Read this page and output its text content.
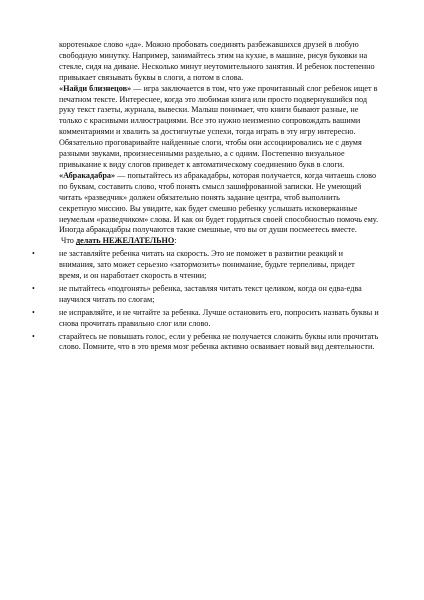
коротенькое слово «да». Можно пробовать соединять разбежавшихся друзей в любую свободную минутку. Например, занимайтесь этим на кухне, в машине, рисуя буковки на стекле, сидя на диване. Несколько минут неутомительного занятия. И ребенок постепенно привыкает связывать буквы в слоги, а потом в слова.

«Найди близнецов» — игра заключается в том, что уже прочитанный слог ребенок ищет в печатном тексте. Интереснее, когда это любимая книга или просто подвернувшийся под руку текст газеты, журнала, вывески. Малыш понимает, что книги бывают разные, не только с красивыми иллюстрациями. Все это нужно неизменно сопровождать вашими комментариями и хвалить за достигнутые успехи, тогда играть в эту игру интересно. Обязательно проговаривайте найденные слоги, чтобы они ассоциировались не с двумя разными звуками, произнесенными раздельно, а с одним. Постепенно визуальное привыкание к виду слогов приведет к автоматическому соединению букв в слоги. «Абракадабра» — попытайтесь из абракадабры, которая получается, когда читаешь слово по буквам, составить слово, чтоб понять смысл зашифрованной записки. Не умеющий читать «разведчик» должен обязательно понять задание центра, чтоб выполнить секретную миссию. Вы увидите, как будет смешно ребенку услышать исковерканные неумелым «разведчиком» слова. И как он будет гордиться своей способностью помочь ему. Иногда абракадабры получаются такие смешные, что вы от души посмеетесь вместе.

Что делать НЕЖЕЛАТЕЛЬНО:

•	не заставляйте ребенка читать на скорость. Это не поможет в развитии реакций и внимания, зато может серьезно «затормозить» понимание, будьте терпеливы, придет время, и он наработает скорость в чтении;
•	не пытайтесь «подгонять» ребенка, заставляя читать текст целиком, когда он едва-едва научился читать по слогам;
•	не исправляйте, и не читайте за ребенка. Лучше остановить его, попросить назвать буквы и снова прочитать правильно слог или слово.
•	старайтесь не повышать голос, если у ребенка не получается сложить буквы или прочитать слово. Помните, что в это время мозг ребенка активно осваивает новый вид деятельности.
